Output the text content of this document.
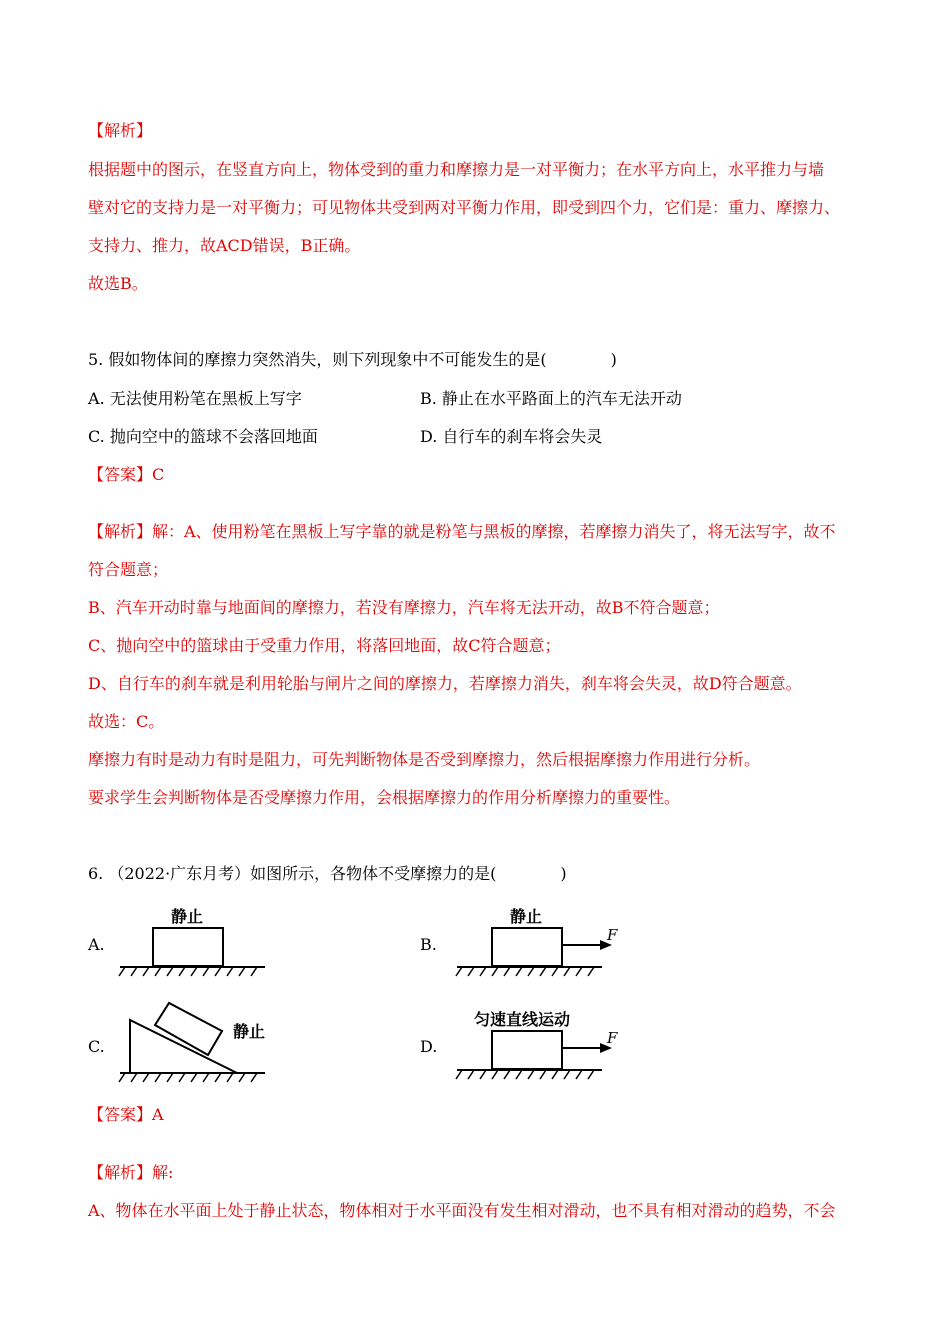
【解析】
根据题中的图示，在竖直方向上，物体受到的重力和摩擦力是一对平衡力；在水平方向上，水平推力与墙
壁对它的支持力是一对平衡力；可见物体共受到两对平衡力作用，即受到四个力，它们是：重力、摩擦力、
支持力、推力，故ACD错误，B正确。
故选B。
5. 假如物体间的摩擦力突然消失，则下列现象中不可能发生的是(　　　　)
A. 无法使用粉笔在黑板上写字	B. 静止在水平路面上的汽车无法开动
C. 抛向空中的篮球不会落回地面	D. 自行车的刹车将会失灵
【答案】C
【解析】解：A、使用粉笔在黑板上写字靠的就是粉笔与黑板的摩擦，若摩擦力消失了，将无法写字，故不
符合题意；
B、汽车开动时靠与地面间的摩擦力，若没有摩擦力，汽车将无法开动，故B不符合题意；
C、抛向空中的篮球由于受重力作用，将落回地面，故C符合题意；
D、自行车的刹车就是利用轮胎与闸片之间的摩擦力，若摩擦力消失，刹车将会失灵，故D符合题意。
故选：C。
摩擦力有时是动力有时是阻力，可先判断物体是否受到摩擦力，然后根据摩擦力作用进行分析。
要求学生会判断物体是否受摩擦力作用，会根据摩擦力的作用分析摩擦力的重要性。
6. （2022·广东月考）如图所示，各物体不受摩擦力的是(　　　　)
A.
静止
B.
静止
F
C.
静止
D.
匀速直线运动
F
【答案】A
【解析】解:
A、物体在水平面上处于静止状态，物体相对于水平面没有发生相对滑动，也不具有相对滑动的趋势，不会
